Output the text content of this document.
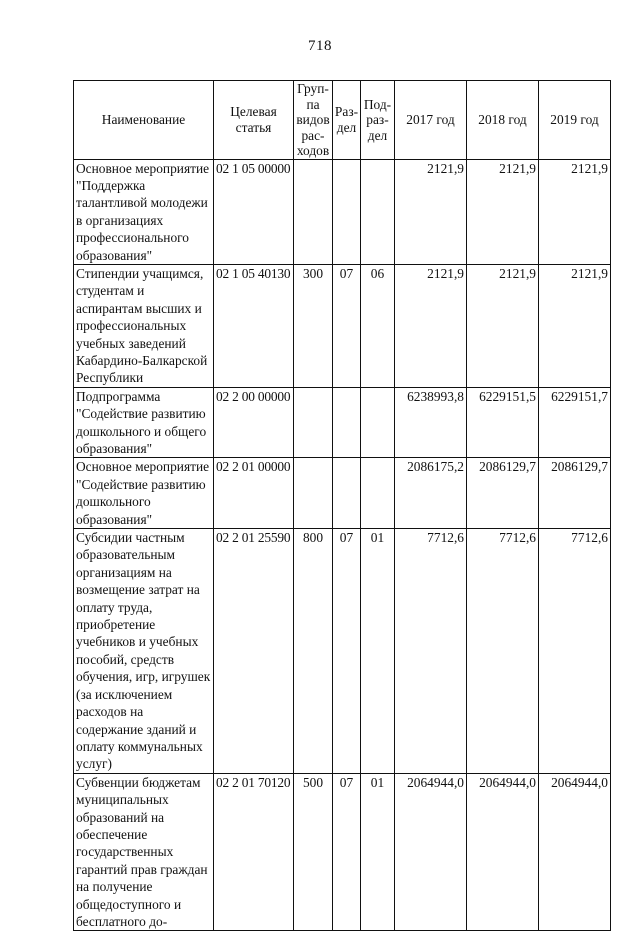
718
Наименование	Целевая статья	Груп-па видов рас-ходов	Раз-дел	Под-раз-дел	2017 год	2018 год	2019 год
Основное мероприятие "Поддержка талантливой молодежи в организациях профессионального образования"	02 1 05 00000				2121,9	2121,9	2121,9
Стипендии учащимся, студентам и аспирантам высших и профессиональных учебных заведений Кабардино-Балкарской Республики	02 1 05 40130	300	07	06	2121,9	2121,9	2121,9
Подпрограмма "Содействие развитию дошкольного и общего образования"	02 2 00 00000				6238993,8	6229151,5	6229151,7
Основное мероприятие "Содействие развитию дошкольного образования"	02 2 01 00000				2086175,2	2086129,7	2086129,7
Субсидии частным образовательным организациям на возмещение затрат на оплату труда, приобретение учебников и учебных пособий, средств обучения, игр, игрушек (за исключением расходов на содержание зданий и оплату коммунальных услуг)	02 2 01 25590	800	07	01	7712,6	7712,6	7712,6
Субвенции бюджетам муниципальных образований на обеспечение государственных гарантий прав граждан на получение общедоступного и бесплатного до-	02 2 01 70120	500	07	01	2064944,0	2064944,0	2064944,0
